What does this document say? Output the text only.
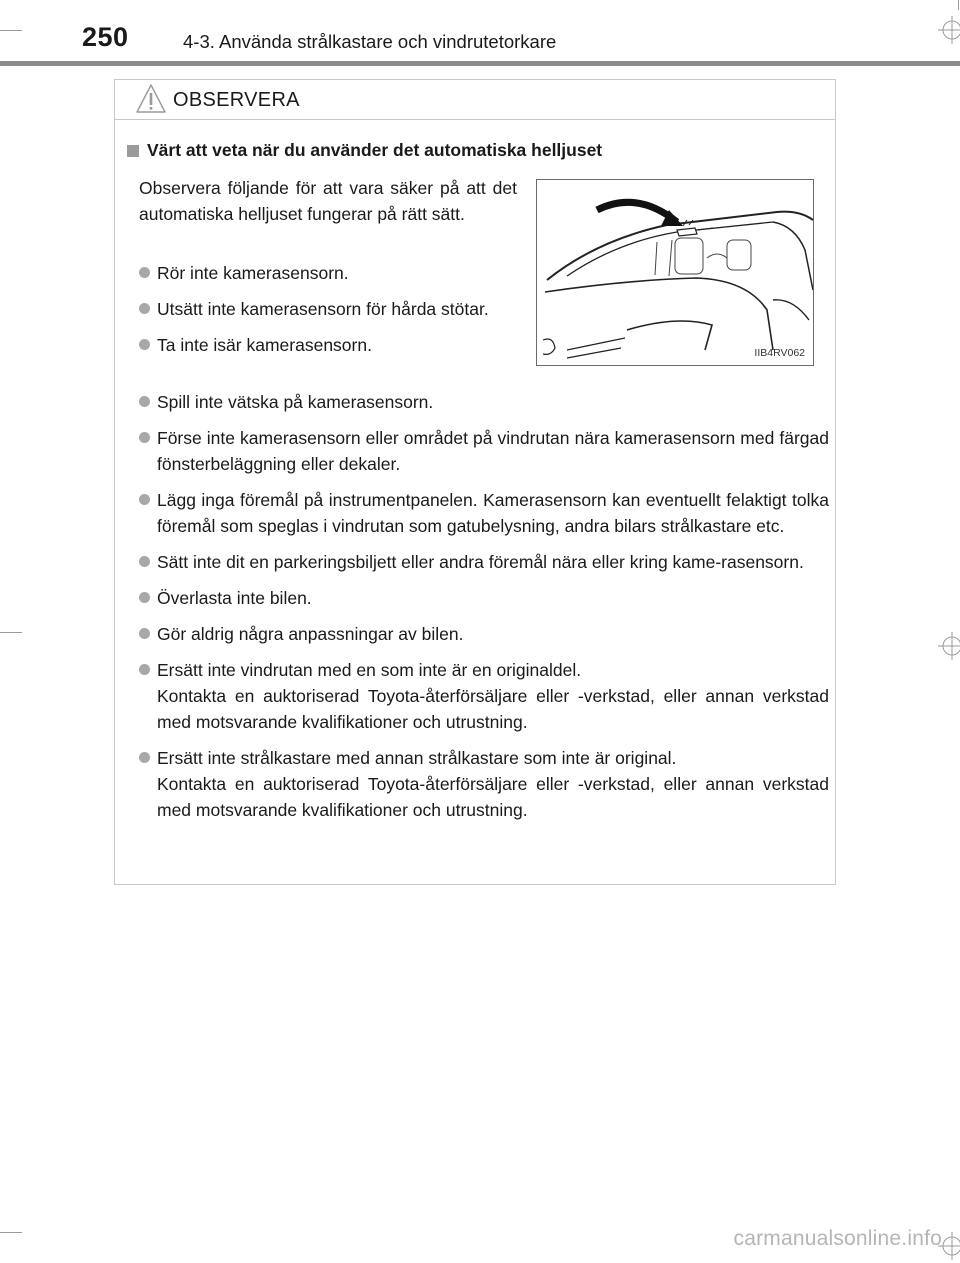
250	4-3. Använda strålkastare och vindrutetorkare
OBSERVERA
Värt att veta när du använder det automatiska helljuset
Observera följande för att vara säker på att det automatiska helljuset fungerar på rätt sätt.
IIB4RV062
Rör inte kamerasensorn.
Utsätt inte kamerasensorn för hårda stötar.
Ta inte isär kamerasensorn.
Spill inte vätska på kamerasensorn.
Förse inte kamerasensorn eller området på vindrutan nära kamerasensorn med färgad fönsterbeläggning eller dekaler.
Lägg inga föremål på instrumentpanelen. Kamerasensorn kan eventuellt felaktigt tolka föremål som speglas i vindrutan som gatubelysning, andra bilars strålkastare etc.
Sätt inte dit en parkeringsbiljett eller andra föremål nära eller kring kame-rasensorn.
Överlasta inte bilen.
Gör aldrig några anpassningar av bilen.
Ersätt inte vindrutan med en som inte är en originaldel.
Kontakta en auktoriserad Toyota-återförsäljare eller -verkstad, eller annan verkstad med motsvarande kvalifikationer och utrustning.
Ersätt inte strålkastare med annan strålkastare som inte är original.
Kontakta en auktoriserad Toyota-återförsäljare eller -verkstad, eller annan verkstad med motsvarande kvalifikationer och utrustning.
carmanualsonline.info
